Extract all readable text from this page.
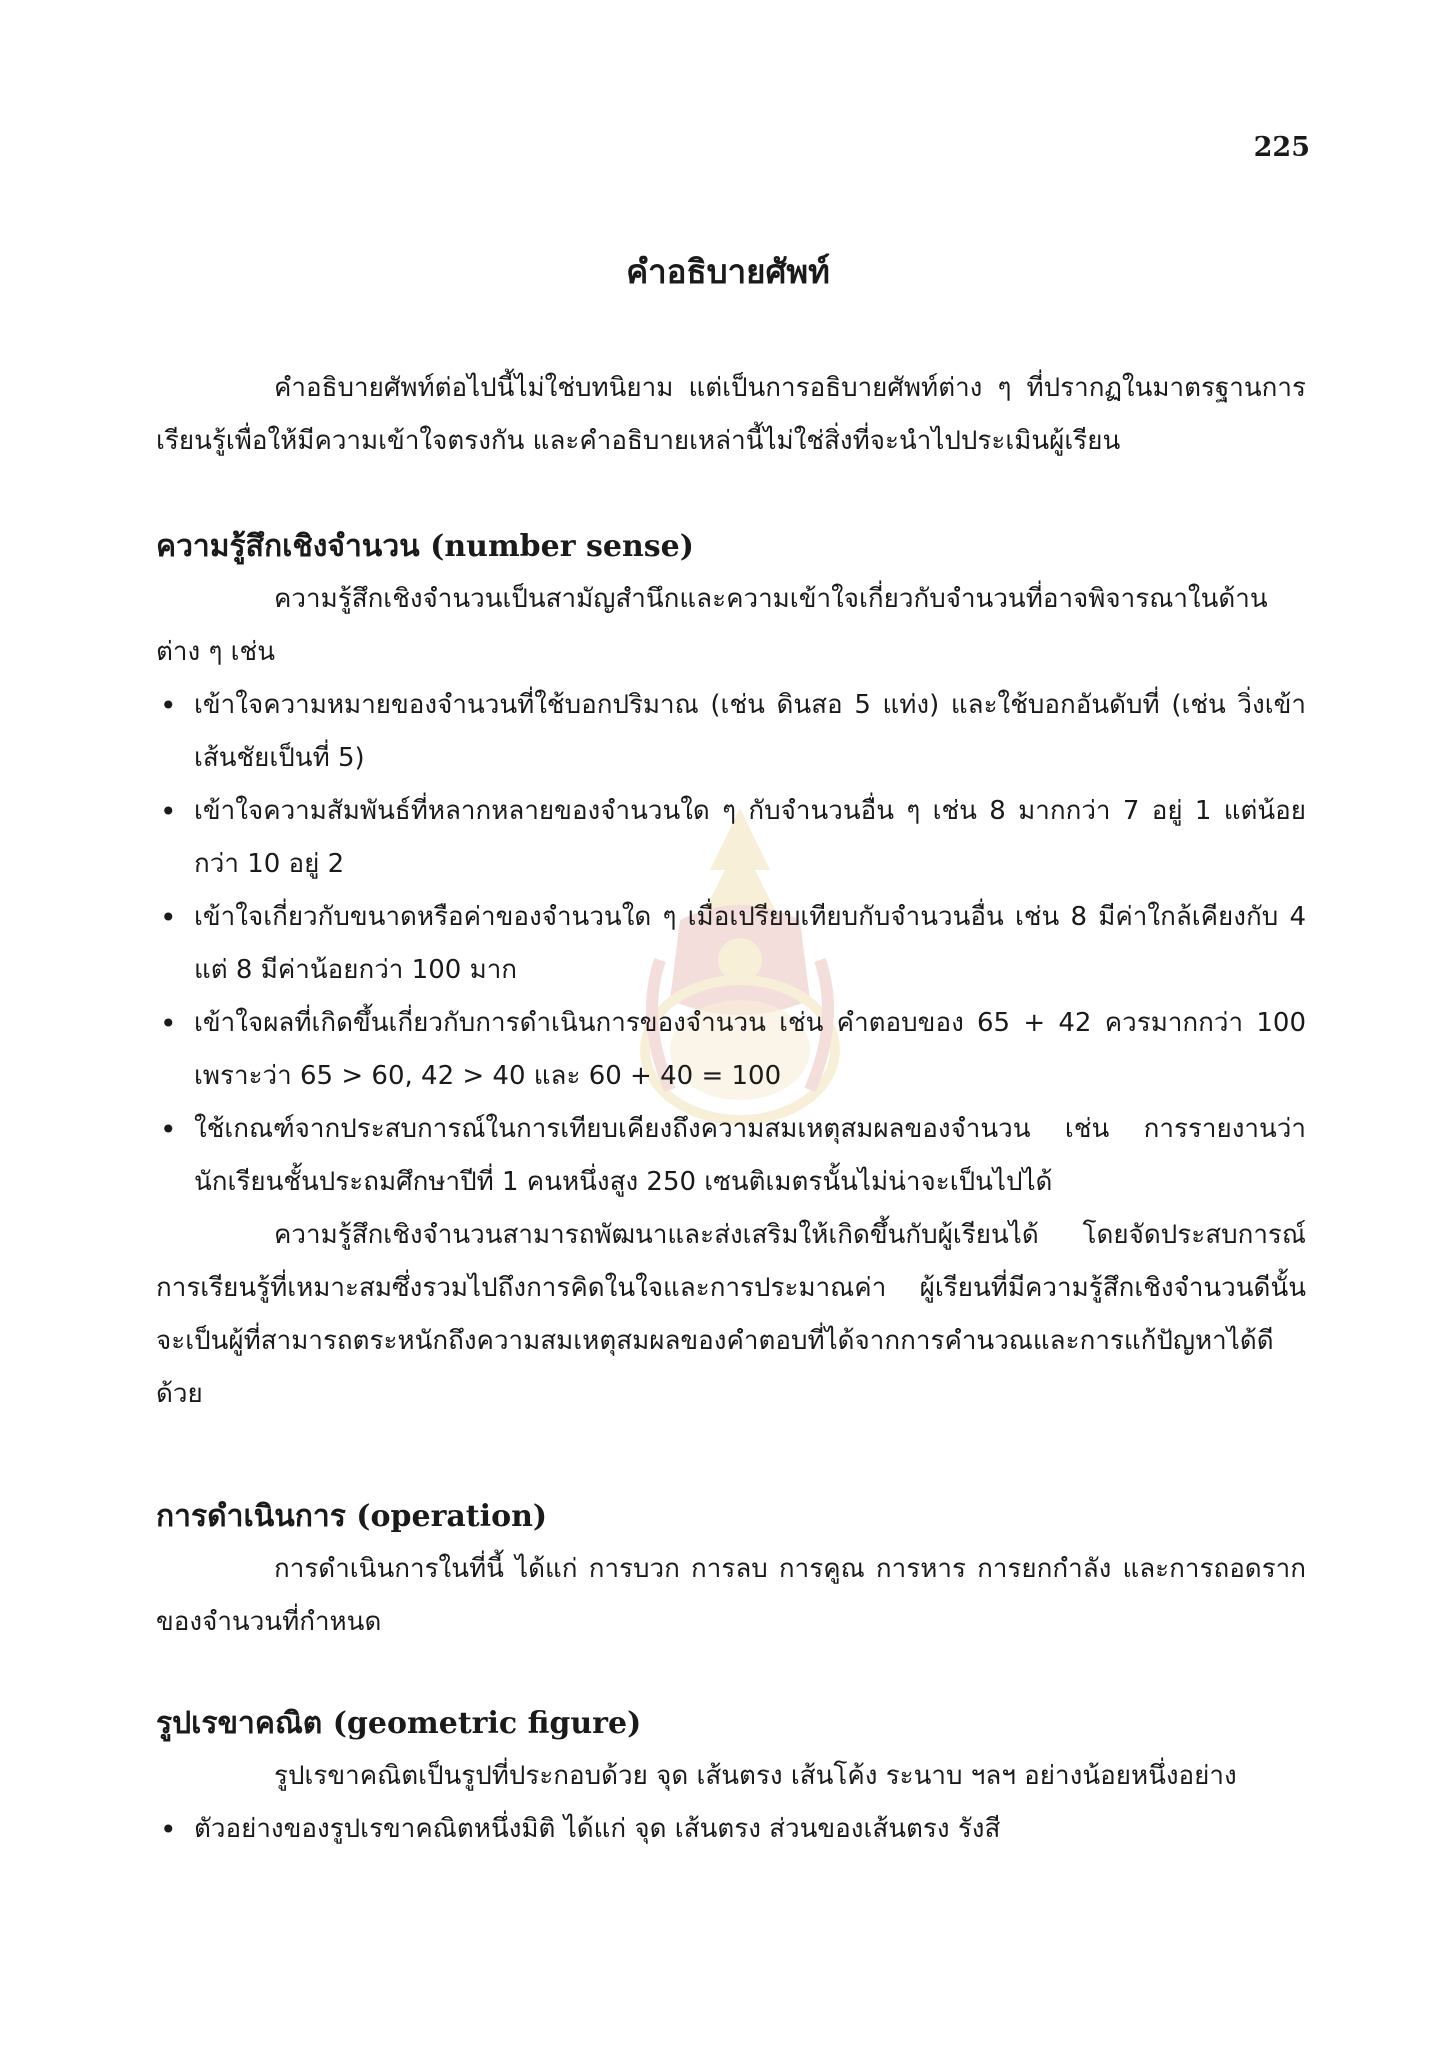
225
คำอธิบายศัพท์

คำอธิบายศัพท์ต่อไปนี้ไม่ใช่บทนิยาม แต่เป็นการอธิบายศัพท์ต่าง ๆ ที่ปรากฏในมาตรฐานการเรียนรู้เพื่อให้มีความเข้าใจตรงกัน และคำอธิบายเหล่านี้ไม่ใช่สิ่งที่จะนำไปประเมินผู้เรียน

ความรู้สึกเชิงจำนวน (number sense)

ความรู้สึกเชิงจำนวนเป็นสามัญสำนึกและความเข้าใจเกี่ยวกับจำนวนที่อาจพิจารณาในด้านต่าง ๆ เช่น

• เข้าใจความหมายของจำนวนที่ใช้บอกปริมาณ (เช่น ดินสอ 5 แท่ง) และใช้บอกอันดับที่ (เช่น วิ่งเข้าเส้นชัยเป็นที่ 5)
• เข้าใจความสัมพันธ์ที่หลากหลายของจำนวนใด ๆ กับจำนวนอื่น ๆ เช่น 8 มากกว่า 7 อยู่ 1 แต่น้อยกว่า 10 อยู่ 2
• เข้าใจเกี่ยวกับขนาดหรือค่าของจำนวนใด ๆ เมื่อเปรียบเทียบกับจำนวนอื่น เช่น 8 มีค่าใกล้เคียงกับ 4 แต่ 8 มีค่าน้อยกว่า 100 มาก
• เข้าใจผลที่เกิดขึ้นเกี่ยวกับการดำเนินการของจำนวน เช่น คำตอบของ 65 + 42 ควรมากกว่า 100 เพราะว่า 65 > 60, 42 > 40 และ 60 + 40 = 100
• ใช้เกณฑ์จากประสบการณ์ในการเทียบเคียงถึงความสมเหตุสมผลของจำนวน เช่น การรายงานว่านักเรียนชั้นประถมศึกษาปีที่ 1 คนหนึ่งสูง 250 เซนติเมตรนั้นไม่น่าจะเป็นไปได้

ความรู้สึกเชิงจำนวนสามารถพัฒนาและส่งเสริมให้เกิดขึ้นกับผู้เรียนได้ โดยจัดประสบการณ์การเรียนรู้ที่เหมาะสมซึ่งรวมไปถึงการคิดในใจและการประมาณค่า ผู้เรียนที่มีความรู้สึกเชิงจำนวนดีนั้นจะเป็นผู้ที่สามารถตระหนักถึงความสมเหตุสมผลของคำตอบที่ได้จากการคำนวณและการแก้ปัญหาได้ดีด้วย

การดำเนินการ (operation)

การดำเนินการในที่นี้ ได้แก่ การบวก การลบ การคูณ การหาร การยกกำลัง และการถอดรากของจำนวนที่กำหนด

รูปเรขาคณิต (geometric figure)

รูปเรขาคณิตเป็นรูปที่ประกอบด้วย จุด เส้นตรง เส้นโค้ง ระนาบ ฯลฯ อย่างน้อยหนึ่งอย่าง

• ตัวอย่างของรูปเรขาคณิตหนึ่งมิติ ได้แก่ จุด เส้นตรง ส่วนของเส้นตรง รังสี
